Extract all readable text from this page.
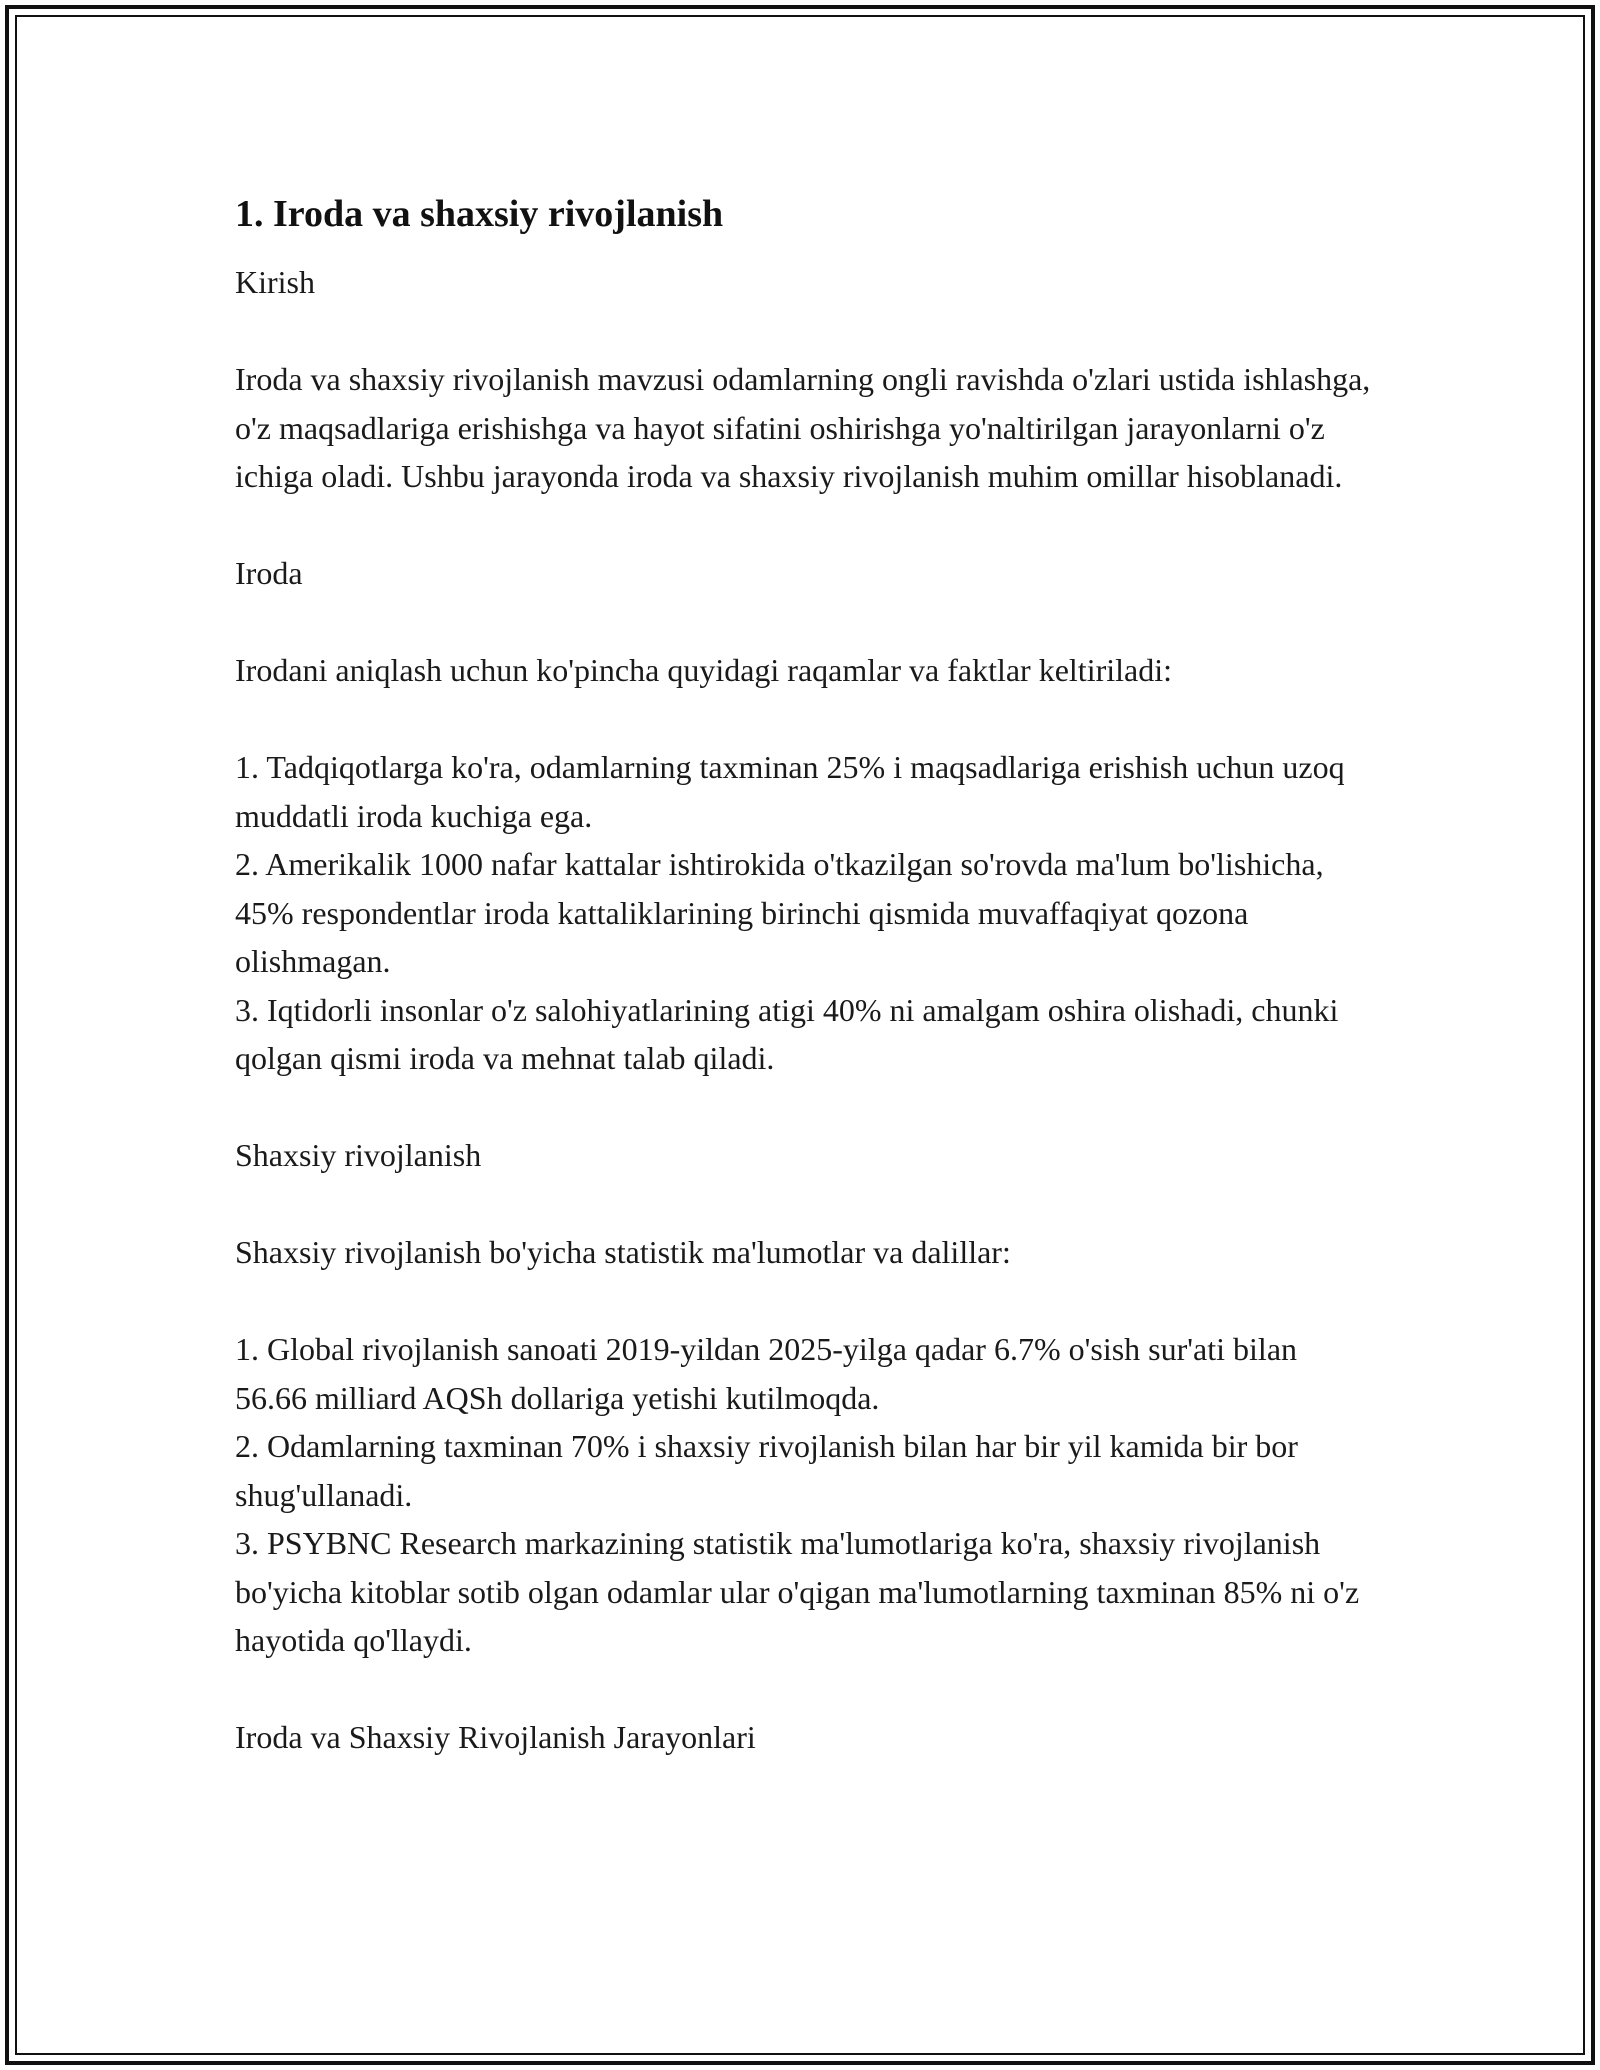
1. Iroda va shaxsiy rivojlanish

Kirish

Iroda va shaxsiy rivojlanish mavzusi odamlarning ongli ravishda o'zlari ustida ishlashga, o'z maqsadlariga erishishga va hayot sifatini oshirishga yo'naltirilgan jarayonlarni o'z ichiga oladi. Ushbu jarayonda iroda va shaxsiy rivojlanish muhim omillar hisoblanadi.

Iroda

Irodani aniqlash uchun ko'pincha quyidagi raqamlar va faktlar keltiriladi:

1. Tadqiqotlarga ko'ra, odamlarning taxminan 25% i maqsadlariga erishish uchun uzoq muddatli iroda kuchiga ega.

2. Amerikalik 1000 nafar kattalar ishtirokida o'tkazilgan so'rovda ma'lum bo'lishicha, 45% respondentlar iroda kattaliklarining birinchi qismida muvaffaqiyat qozona olishmagan.

3. Iqtidorli insonlar o'z salohiyatlarining atigi 40% ni amalgam oshira olishadi, chunki qolgan qismi iroda va mehnat talab qiladi.

Shaxsiy rivojlanish

Shaxsiy rivojlanish bo'yicha statistik ma'lumotlar va dalillar:

1. Global rivojlanish sanoati 2019-yildan 2025-yilga qadar 6.7% o'sish sur'ati bilan 56.66 milliard AQSh dollariga yetishi kutilmoqda.

2. Odamlarning taxminan 70% i shaxsiy rivojlanish bilan har bir yil kamida bir bor shug'ullanadi.

3. PSYBNC Research markazining statistik ma'lumotlariga ko'ra, shaxsiy rivojlanish bo'yicha kitoblar sotib olgan odamlar ular o'qigan ma'lumotlarning taxminan 85% ni o'z hayotida qo'llaydi.

Iroda va Shaxsiy Rivojlanish Jarayonlari
